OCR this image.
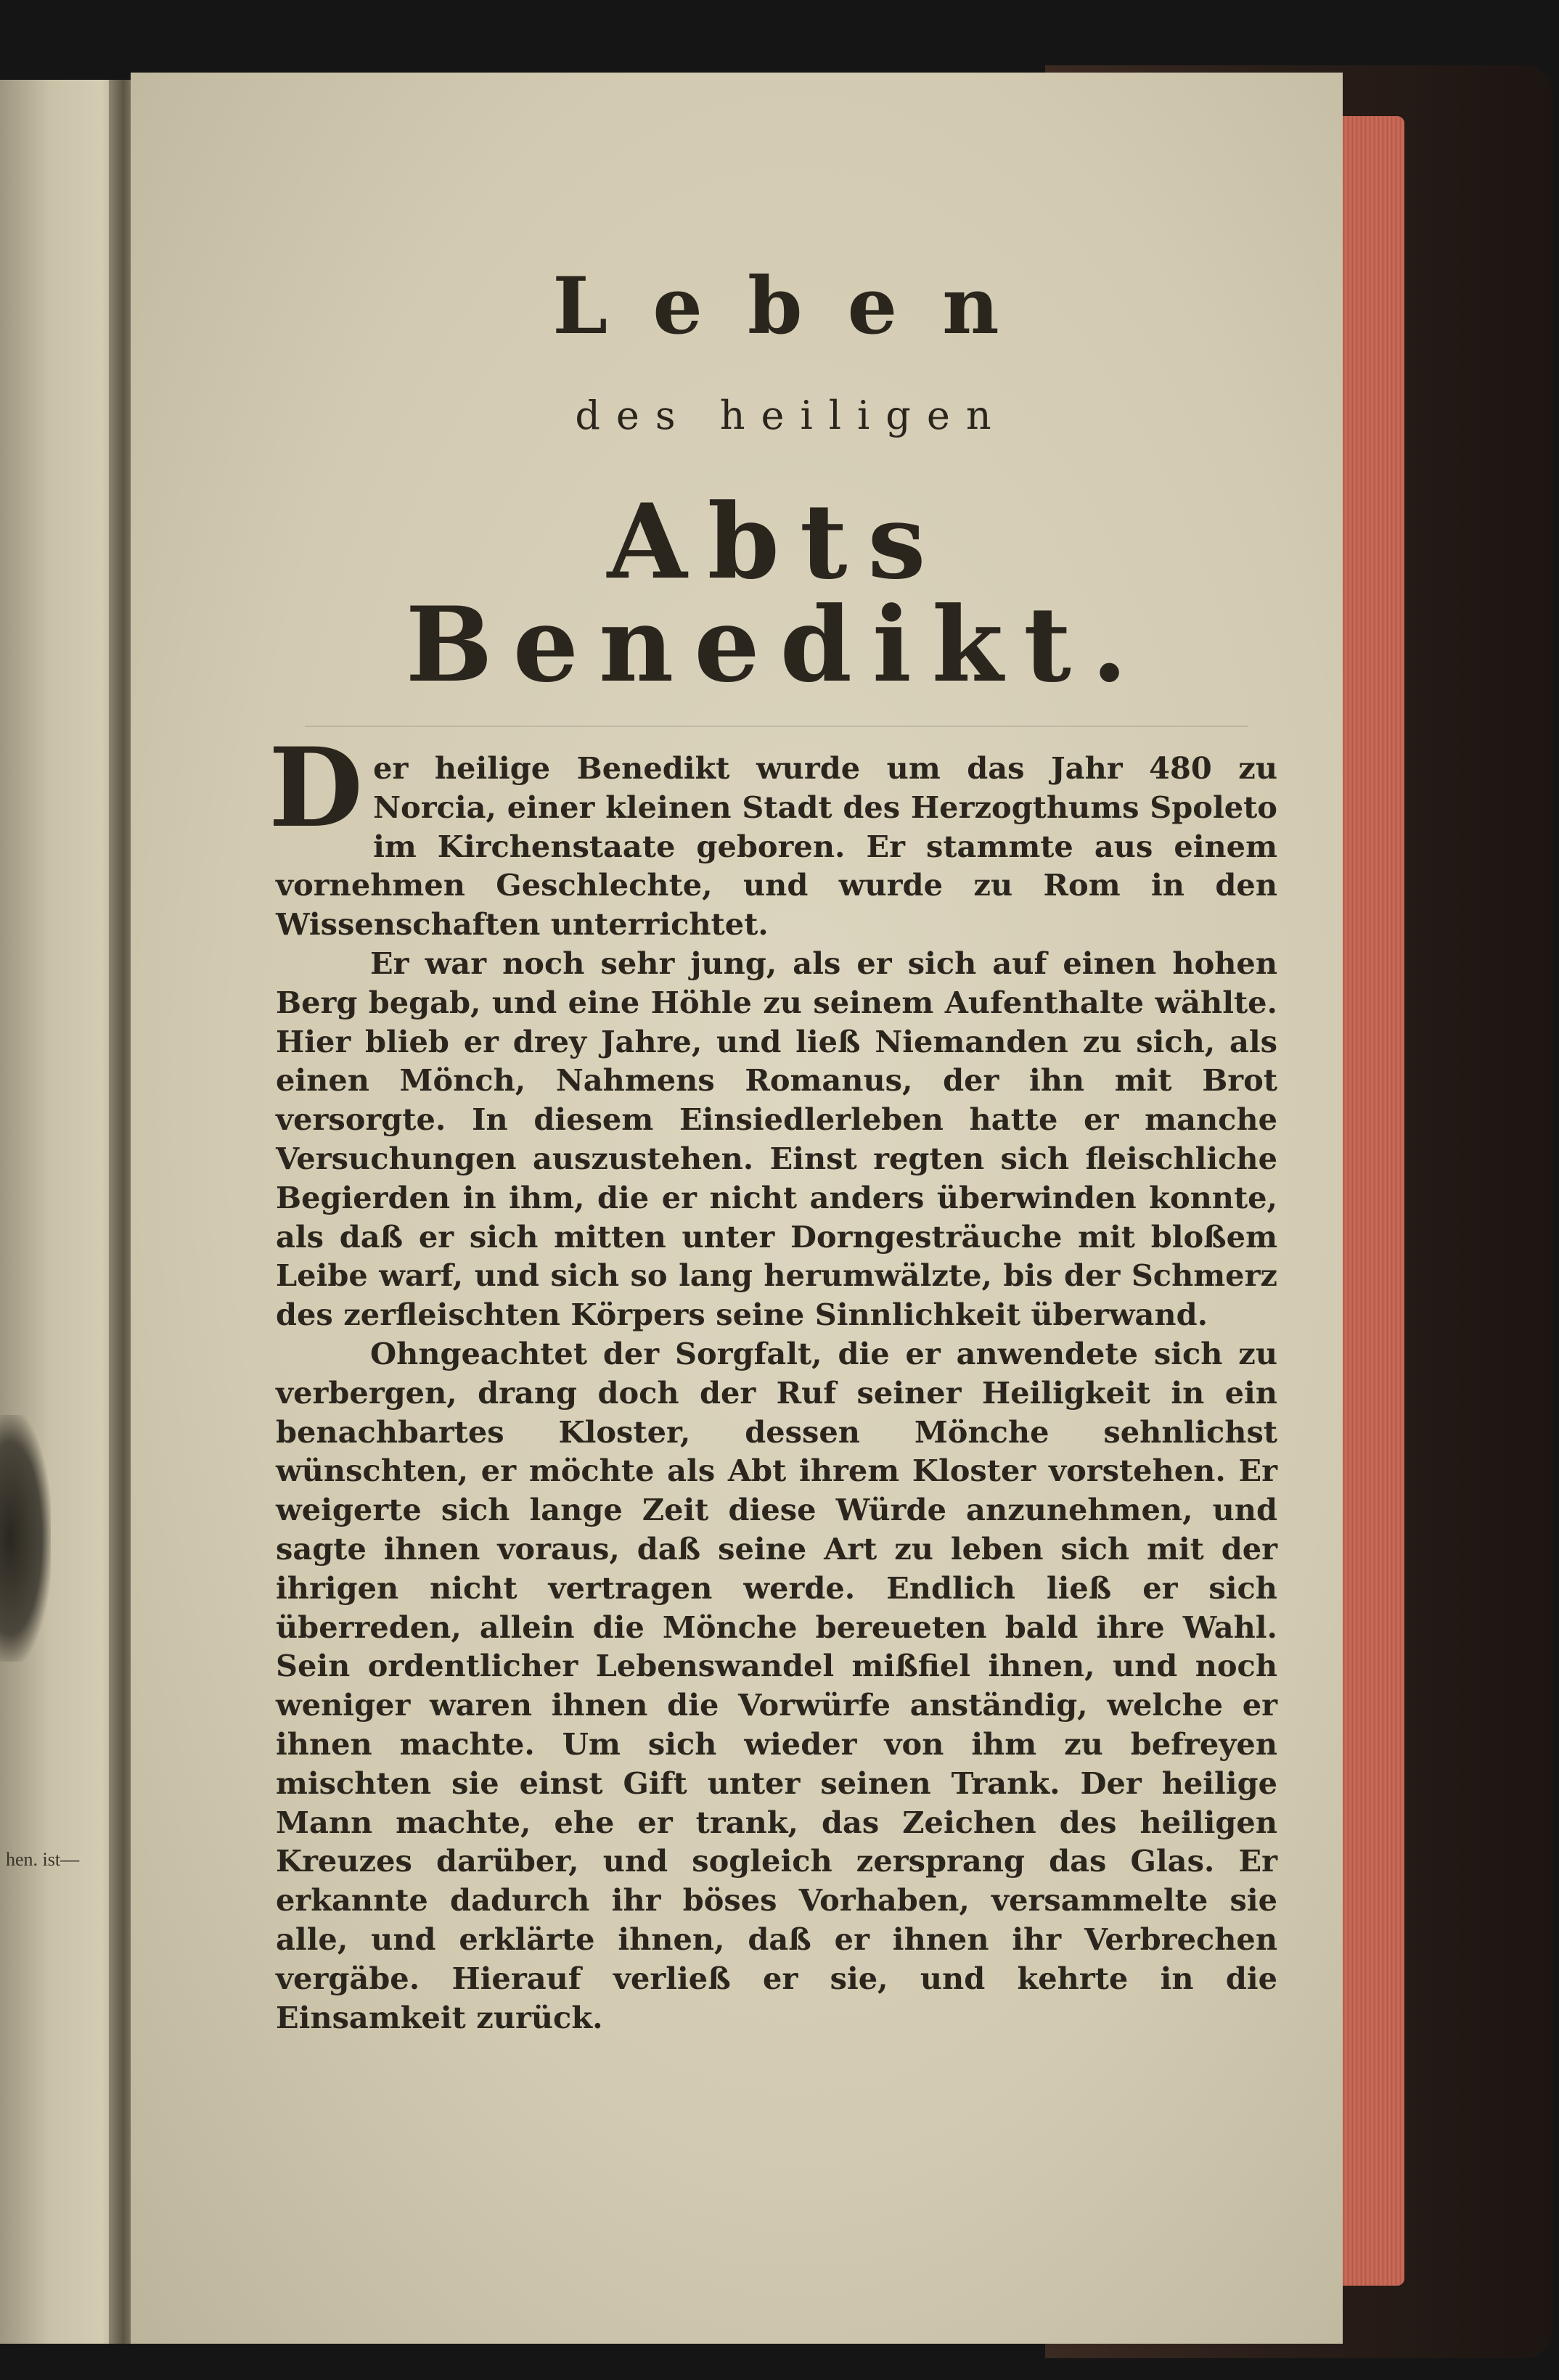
hen. ist—
Leben
des heiligen
Abts Benedikt.

Der heilige Benedikt wurde um das Jahr 480 zu Norcia, einer kleinen Stadt des Herzogthums Spoleto im Kirchenstaate geboren. Er stammte aus einem vornehmen Geschlechte, und wurde zu Rom in den Wissenschaften unterrichtet.

Er war noch sehr jung, als er sich auf einen hohen Berg begab, und eine Höhle zu seinem Aufenthalte wählte. Hier blieb er drey Jahre, und ließ Niemanden zu sich, als einen Mönch, Nahmens Romanus, der ihn mit Brot versorgte. In diesem Einsiedlerleben hatte er manche Versuchungen auszustehen. Einst regten sich fleischliche Begierden in ihm, die er nicht anders überwinden konnte, als daß er sich mitten unter Dorngesträuche mit bloßem Leibe warf, und sich so lang herumwälzte, bis der Schmerz des zerfleischten Körpers seine Sinnlichkeit überwand.

Ohngeachtet der Sorgfalt, die er anwendete sich zu verbergen, drang doch der Ruf seiner Heiligkeit in ein benachbartes Kloster, dessen Mönche sehnlichst wünschten, er möchte als Abt ihrem Kloster vorstehen. Er weigerte sich lange Zeit diese Würde anzunehmen, und sagte ihnen voraus, daß seine Art zu leben sich mit der ihrigen nicht vertragen werde. Endlich ließ er sich überreden, allein die Mönche bereueten bald ihre Wahl. Sein ordentlicher Lebenswandel mißfiel ihnen, und noch weniger waren ihnen die Vorwürfe anständig, welche er ihnen machte. Um sich wieder von ihm zu befreyen mischten sie einst Gift unter seinen Trank. Der heilige Mann machte, ehe er trank, das Zeichen des heiligen Kreuzes darüber, und sogleich zersprang das Glas. Er erkannte dadurch ihr böses Vorhaben, versammelte sie alle, und erklärte ihnen, daß er ihnen ihr Verbrechen vergäbe. Hierauf verließ er sie, und kehrte in die Einsamkeit zurück.
